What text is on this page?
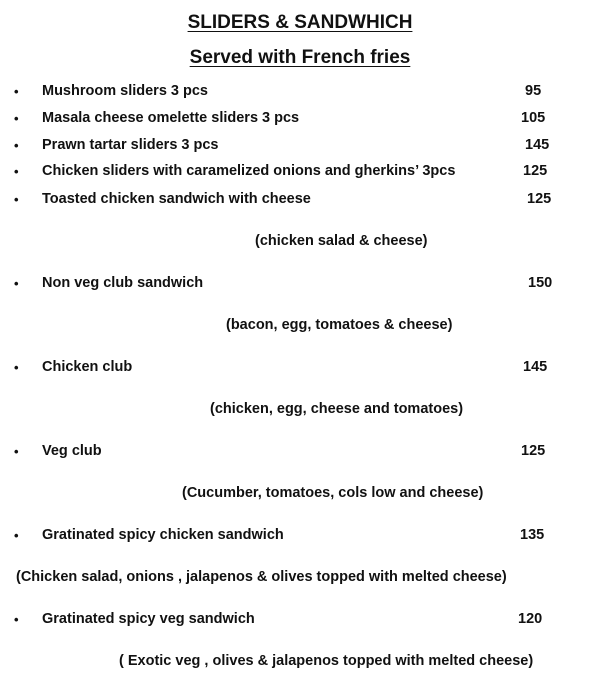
SLIDERS & SANDWHICH
Served with French fries
• Mushroom sliders 3 pcs	95
• Masala cheese omelette sliders 3 pcs	105
• Prawn tartar sliders 3 pcs	145
• Chicken sliders with caramelized onions and gherkins’ 3pcs	125
• Toasted chicken sandwich with cheese	125
(chicken salad & cheese)
• Non veg club sandwich	150
(bacon, egg, tomatoes & cheese)
• Chicken club	145
(chicken, egg, cheese and tomatoes)
• Veg club	125
(Cucumber, tomatoes, cols low and cheese)
• Gratinated spicy chicken sandwich	135
(Chicken salad, onions , jalapenos & olives topped with melted cheese)
• Gratinated spicy veg sandwich	120
( Exotic veg , olives & jalapenos topped with melted cheese)
